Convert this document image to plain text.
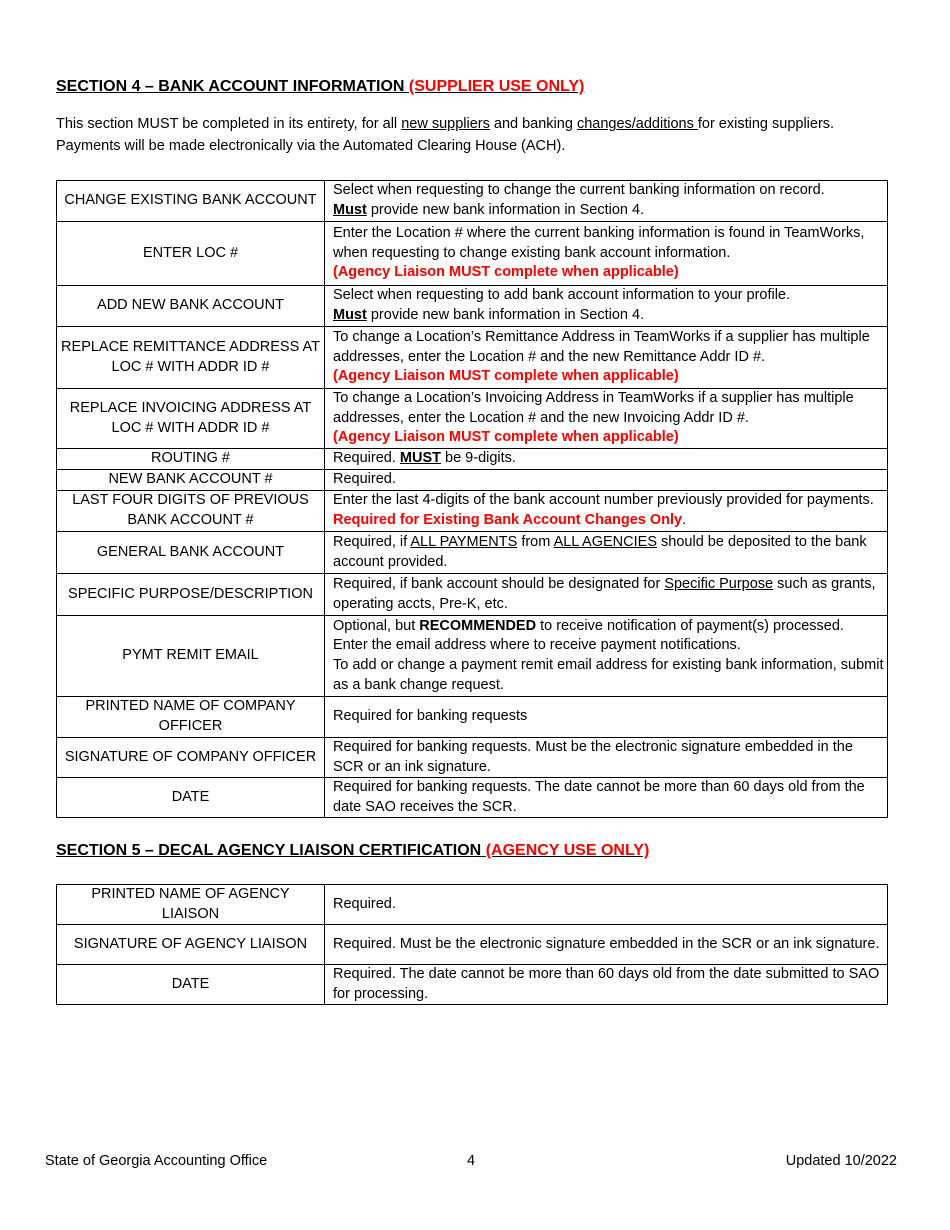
SECTION 4 – BANK ACCOUNT INFORMATION (SUPPLIER USE ONLY)
This section MUST be completed in its entirety, for all new suppliers and banking changes/additions for existing suppliers. Payments will be made electronically via the Automated Clearing House (ACH).
CHANGE EXISTING BANK ACCOUNT	Select when requesting to change the current banking information on record.
Must provide new bank information in Section 4.
ENTER LOC #	Enter the Location # where the current banking information is found in TeamWorks, when requesting to change existing bank account information.
(Agency Liaison MUST complete when applicable)
ADD NEW BANK ACCOUNT	Select when requesting to add bank account information to your profile.
Must provide new bank information in Section 4.
REPLACE REMITTANCE ADDRESS AT LOC # WITH ADDR ID #	To change a Location’s Remittance Address in TeamWorks if a supplier has multiple addresses, enter the Location # and the new Remittance Addr ID #.
(Agency Liaison MUST complete when applicable)
REPLACE INVOICING ADDRESS AT LOC # WITH ADDR ID #	To change a Location’s Invoicing Address in TeamWorks if a supplier has multiple addresses, enter the Location # and the new Invoicing Addr ID #.
(Agency Liaison MUST complete when applicable)
ROUTING #	Required. MUST be 9-digits.
NEW BANK ACCOUNT #	Required.
LAST FOUR DIGITS OF PREVIOUS BANK ACCOUNT #	Enter the last 4-digits of the bank account number previously provided for payments. Required for Existing Bank Account Changes Only.
GENERAL BANK ACCOUNT	Required, if ALL PAYMENTS from ALL AGENCIES should be deposited to the bank account provided.
SPECIFIC PURPOSE/DESCRIPTION	Required, if bank account should be designated for Specific Purpose such as grants, operating accts, Pre-K, etc.
PYMT REMIT EMAIL	Optional, but RECOMMENDED to receive notification of payment(s) processed.
Enter the email address where to receive payment notifications.
To add or change a payment remit email address for existing bank information, submit as a bank change request.
PRINTED NAME OF COMPANY OFFICER	Required for banking requests
SIGNATURE OF COMPANY OFFICER	Required for banking requests. Must be the electronic signature embedded in the SCR or an ink signature.
DATE	Required for banking requests. The date cannot be more than 60 days old from the date SAO receives the SCR.
SECTION 5 – DECAL AGENCY LIAISON CERTIFICATION (AGENCY USE ONLY)
PRINTED NAME OF AGENCY LIAISON	Required.
SIGNATURE OF AGENCY LIAISON	Required. Must be the electronic signature embedded in the SCR or an ink signature.
DATE	Required. The date cannot be more than 60 days old from the date submitted to SAO for processing.
State of Georgia Accounting Office	4	Updated 10/2022
